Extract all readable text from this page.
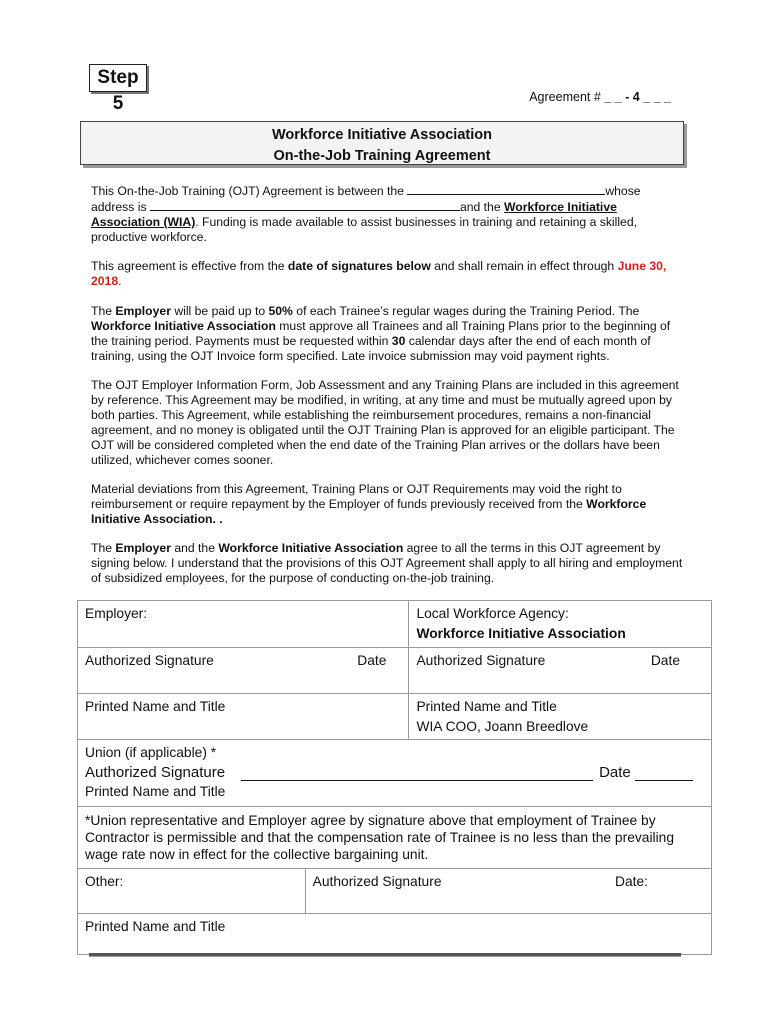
Step 5	Agreement # _ _ - 4 _ _ _
Workforce Initiative Association
On-the-Job Training Agreement

This On-the-Job Training (OJT) Agreement is between the	whose address is	and the Workforce Initiative Association (WIA). Funding is made available to assist businesses in training and retaining a skilled, productive workforce.

This agreement is effective from the date of signatures below and shall remain in effect through June 30, 2018.

The Employer will be paid up to 50% of each Trainee’s regular wages during the Training Period. The Workforce Initiative Association must approve all Trainees and all Training Plans prior to the beginning of the training period. Payments must be requested within 30 calendar days after the end of each month of training, using the OJT Invoice form specified. Late invoice submission may void payment rights.

The OJT Employer Information Form, Job Assessment and any Training Plans are included in this agreement by reference. This Agreement may be modified, in writing, at any time and must be mutually agreed upon by both parties. This Agreement, while establishing the reimbursement procedures, remains a non-financial agreement, and no money is obligated until the OJT Training Plan is approved for an eligible participant. The OJT will be considered completed when the end date of the Training Plan arrives or the dollars have been utilized, whichever comes sooner.

Material deviations from this Agreement, Training Plans or OJT Requirements may void the right to reimbursement or require repayment by the Employer of funds previously received from the Workforce Initiative Association. .

The Employer and the Workforce Initiative Association agree to all the terms in this OJT agreement by signing below. I understand that the provisions of this OJT Agreement shall apply to all hiring and employment of subsidized employees, for the purpose of conducting on-the-job training.

Employer:		Local Workforce Agency:
Workforce Initiative Association

Authorized Signature Date		Authorized Signature Date

Printed Name and Title		Printed Name and Title
WIA COO, Joann Breedlove

Union (if applicable) *
Authorized Signature Date
Printed Name and Title		

*Union representative and Employer agree by signature above that employment of Trainee by Contractor is permissible and that the compensation rate of Trainee is no less than the prevailing wage rate now in effect for the collective bargaining unit.		
Other:	Authorized Signature Date:	

Printed Name and Title		
